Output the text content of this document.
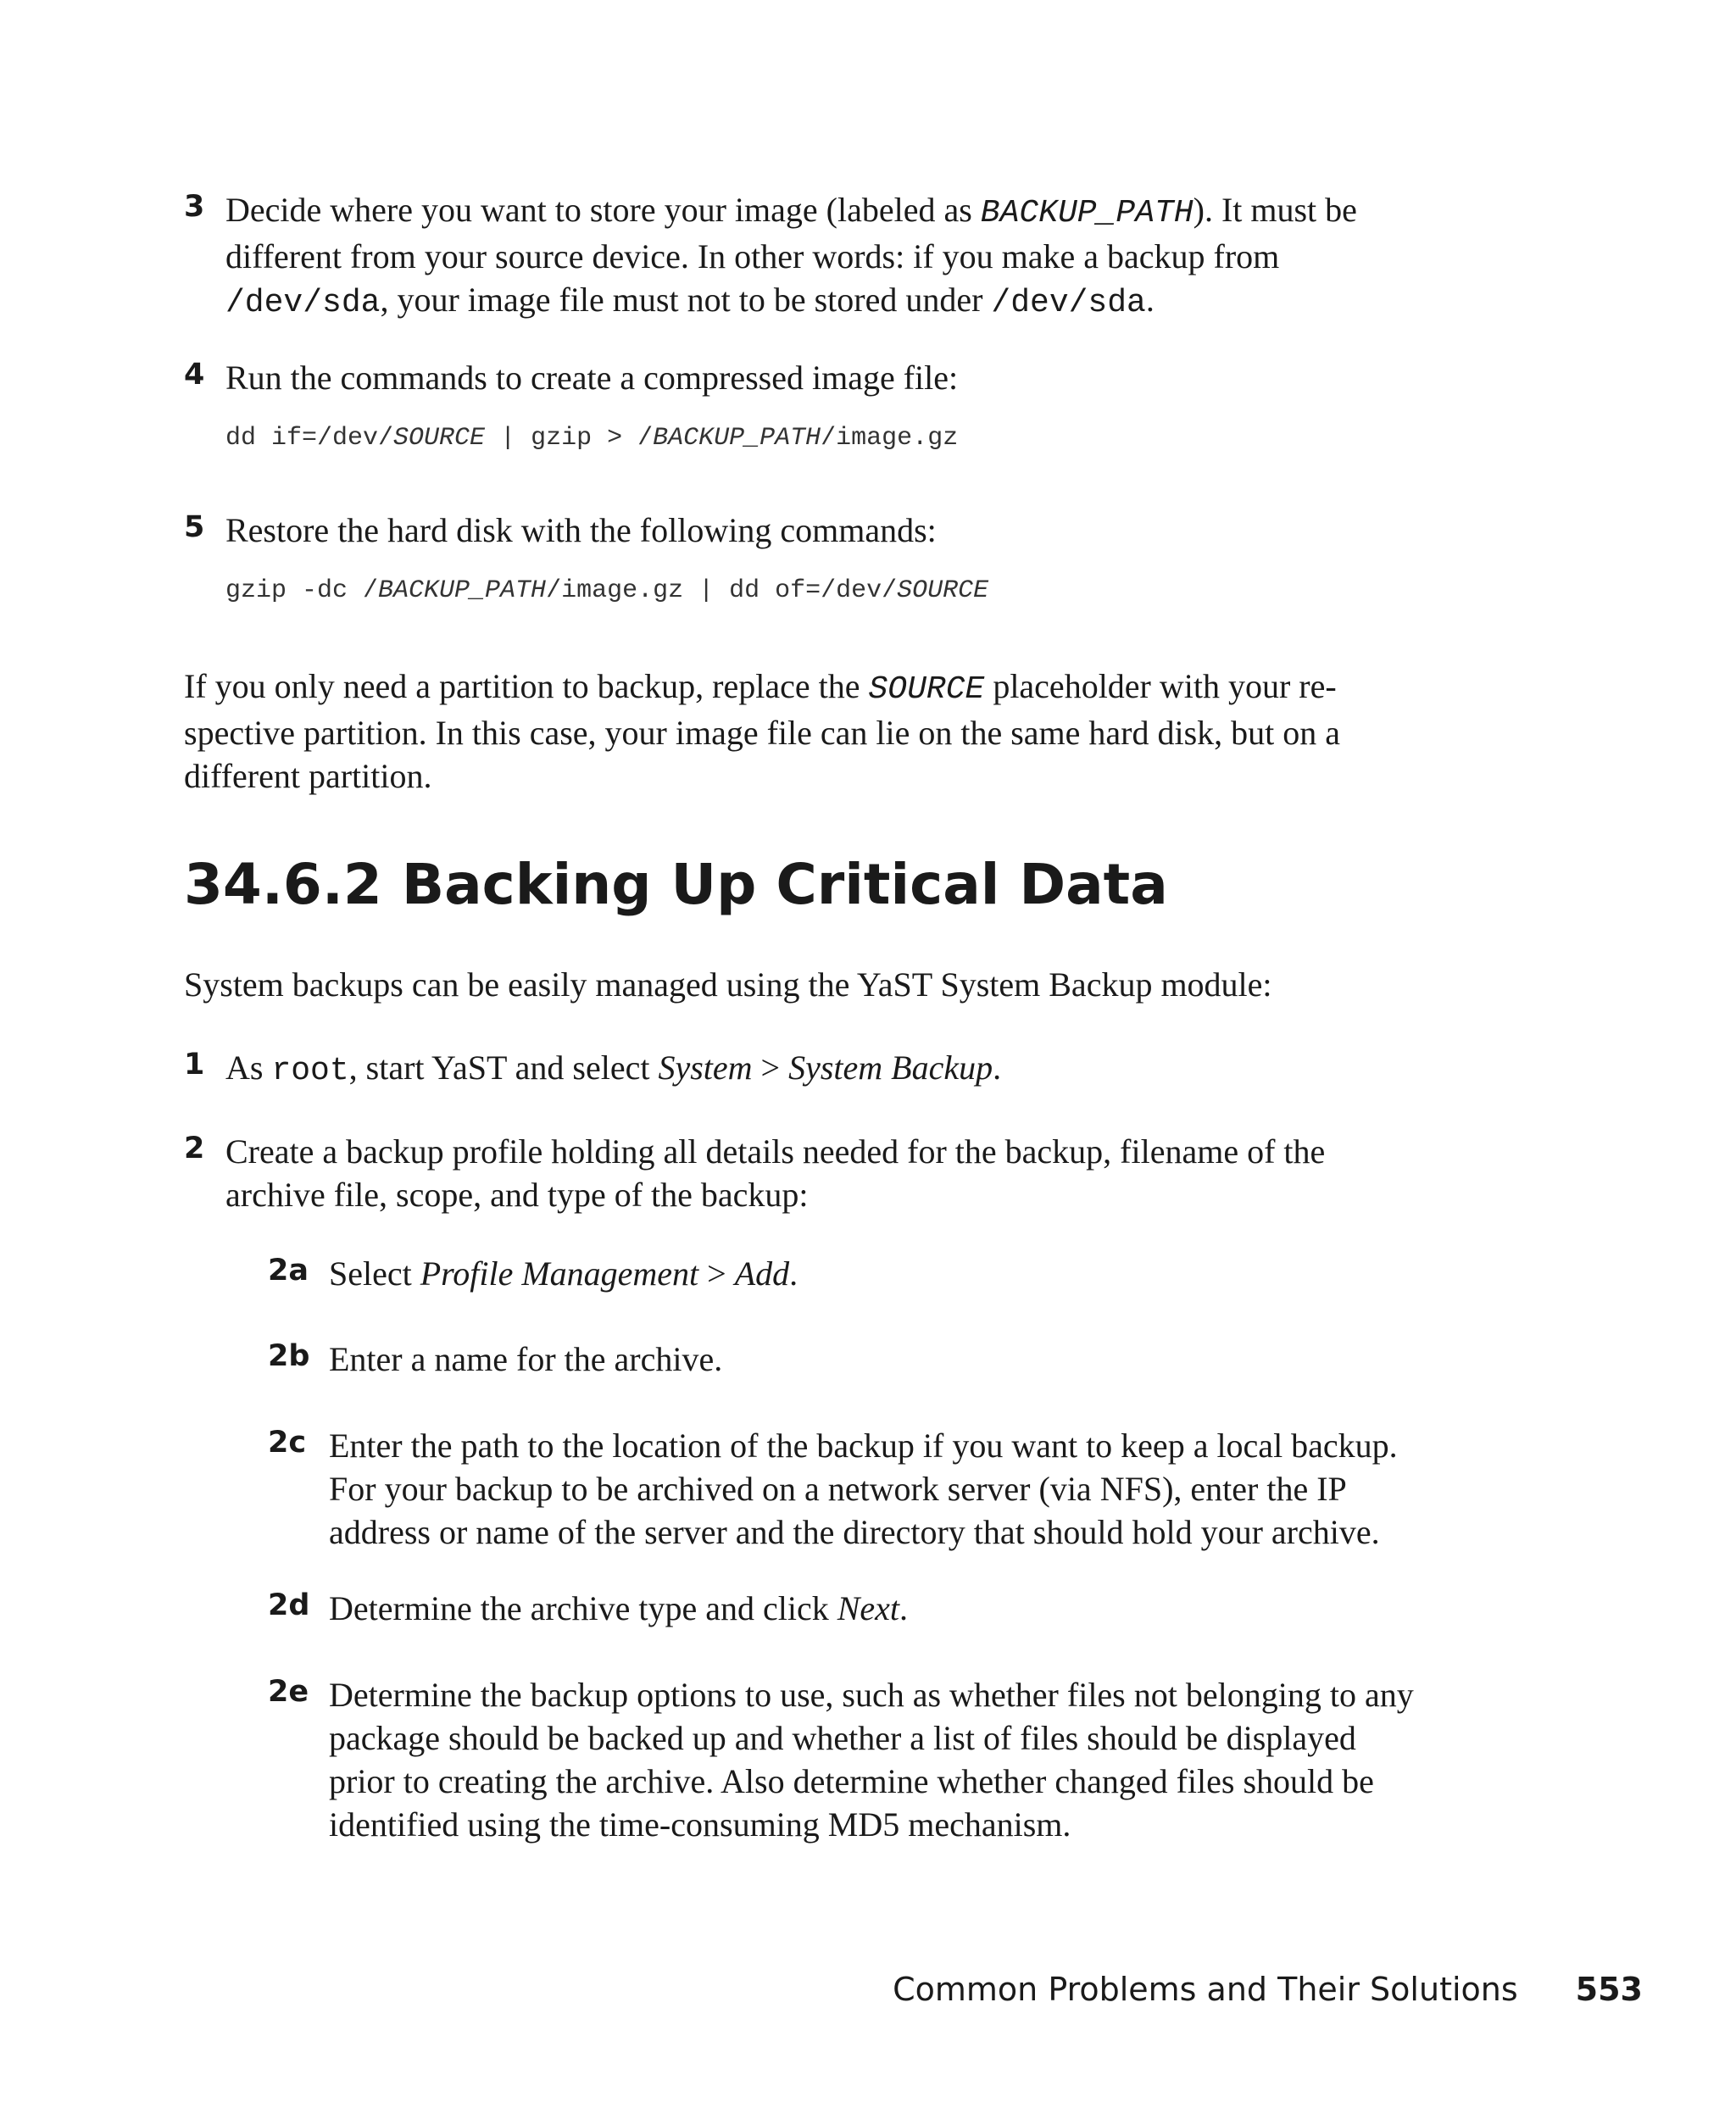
3 Decide where you want to store your image (labeled as BACKUP_PATH). It must be different from your source device. In other words: if you make a backup from /dev/sda, your image file must not to be stored under /dev/sda.
4 Run the commands to create a compressed image file:
dd if=/dev/SOURCE | gzip > /BACKUP_PATH/image.gz
5 Restore the hard disk with the following commands:
gzip -dc /BACKUP_PATH/image.gz | dd of=/dev/SOURCE
If you only need a partition to backup, replace the SOURCE placeholder with your respective partition. In this case, your image file can lie on the same hard disk, but on a different partition.
34.6.2 Backing Up Critical Data
System backups can be easily managed using the YaST System Backup module:
1 As root, start YaST and select System > System Backup.
2 Create a backup profile holding all details needed for the backup, filename of the archive file, scope, and type of the backup:
2a Select Profile Management > Add.
2b Enter a name for the archive.
2c Enter the path to the location of the backup if you want to keep a local backup. For your backup to be archived on a network server (via NFS), enter the IP address or name of the server and the directory that should hold your archive.
2d Determine the archive type and click Next.
2e Determine the backup options to use, such as whether files not belonging to any package should be backed up and whether a list of files should be displayed prior to creating the archive. Also determine whether changed files should be identified using the time-consuming MD5 mechanism.
Common Problems and Their Solutions 553
